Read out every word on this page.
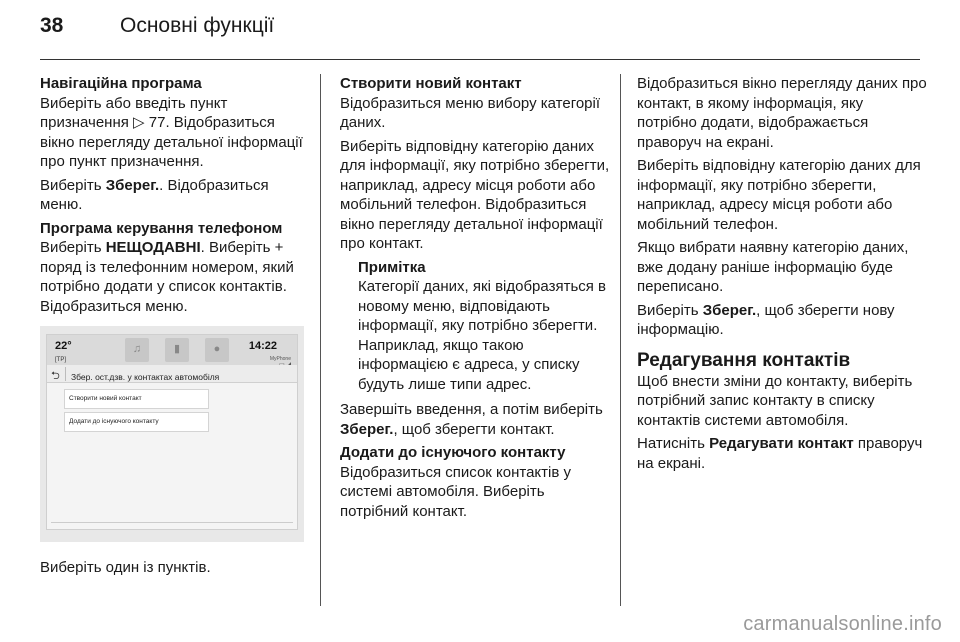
38	Основні функції
Навігаційна програма

Виберіть або введіть пункт призначення ▷ 77. Відобразиться вікно перегляду детальної інформації про пункт призначення.

Виберіть Зберег.. Відобразиться меню.

Програма керування телефоном

Виберіть НЕЩОДАВНІ. Виберіть + поряд із телефонним номером, який потрібно додати у список контактів. Відобразиться меню.

22°
[TP]
♫	▮	●	14:22
MyPhone
⮌ Збер. ост.дзв. у контактах автомобіля
Створити новий контакт
Додати до існуючого контакту

Виберіть один із пунктів.

Створити новий контакт

Відобразиться меню вибору категорії даних.

Виберіть відповідну категорію даних для інформації, яку потрібно зберегти, наприклад, адресу місця роботи або мобільний телефон. Відобразиться вікно перегляду детальної інформації про контакт.

Примітка
Категорії даних, які відобразяться в новому меню, відповідають інформації, яку потрібно зберегти. Наприклад, якщо такою інформацією є адреса, у списку будуть лише типи адрес.

Завершіть введення, а потім виберіть Зберег., щоб зберегти контакт.

Додати до існуючого контакту

Відобразиться список контактів у системі автомобіля. Виберіть потрібний контакт.

Відобразиться вікно перегляду даних про контакт, в якому інформація, яку потрібно додати, відображається праворуч на екрані.

Виберіть відповідну категорію даних для інформації, яку потрібно зберегти, наприклад, адресу місця роботи або мобільний телефон.

Якщо вибрати наявну категорію даних, вже додану раніше інформацію буде переписано.

Виберіть Зберег., щоб зберегти нову інформацію.

Редагування контактів

Щоб внести зміни до контакту, виберіть потрібний запис контакту в списку контактів системи автомобіля.

Натисніть Редагувати контакт праворуч на екрані.

carmanualsonline.info
